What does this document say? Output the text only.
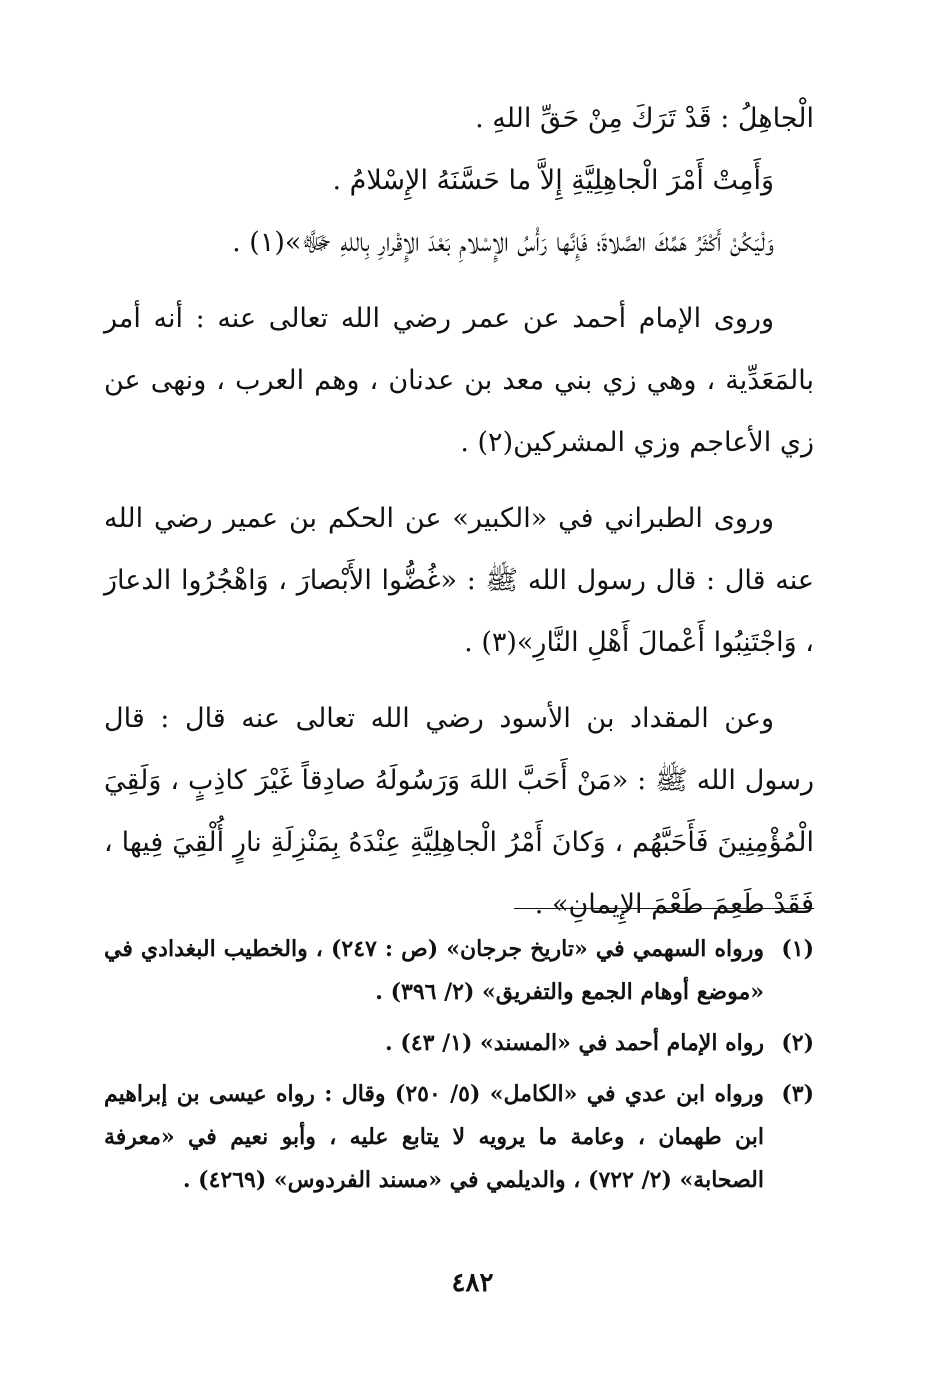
الْجاهِلُ : قَدْ تَرَكَ مِنْ حَقِّ اللهِ .

وَأَمِتْ أَمْرَ الْجاهِلِيَّةِ إِلاَّ ما حَسَّنَهُ الإِسْلامُ .

وَلْيَكُنْ أَكْثَرُ هَمِّكَ الصَّلاةَ؛ فَإِنَّها رَأْسُ الإِسْلامِ بَعْدَ الإِقْرارِ بِاللهِ ﷻ»(١) .

وروى الإمام أحمد عن عمر رضي الله تعالى عنه : أنه أمر بالمَعَدِّية ، وهي زي بني معد بن عدنان ، وهم العرب ، ونهى عن زي الأعاجم وزي المشركين(٢) .

وروى الطبراني في «الكبير» عن الحكم بن عمير رضي الله عنه قال : قال رسول الله ﷺ : «غُضُّوا الأَبْصارَ ، وَاهْجُرُوا الدعارَ ، وَاجْتَنِبُوا أَعْمالَ أَهْلِ النَّارِ»(٣) .

وعن المقداد بن الأسود رضي الله تعالى عنه قال : قال رسول الله ﷺ : «مَنْ أَحَبَّ اللهَ وَرَسُولَهُ صادِقاً غَيْرَ كاذِبٍ ، وَلَقِيَ الْمُؤْمِنِينَ فَأَحَبَّهُم ، وَكانَ أَمْرُ الْجاهِلِيَّةِ عِنْدَهُ بِمَنْزِلَةِ نارٍ أُلْقِيَ فِيها ، فَقَدْ طَعِمَ طَعْمَ الإِيمانِ» .

(١)
ورواه السهمي في «تاريخ جرجان» (ص : ٢٤٧) ، والخطيب البغدادي في «موضع أوهام الجمع والتفريق» (٢/ ٣٩٦) .
(٢)
رواه الإمام أحمد في «المسند» (١/ ٤٣) .
(٣)
ورواه ابن عدي في «الكامل» (٥/ ٢٥٠) وقال : رواه عيسى بن إبراهيم ابن طهمان ، وعامة ما يرويه لا يتابع عليه ، وأبو نعيم في «معرفة الصحابة» (٢/ ٧٢٢) ، والديلمي في «مسند الفردوس» (٤٢٦٩) .
٤٨٢
